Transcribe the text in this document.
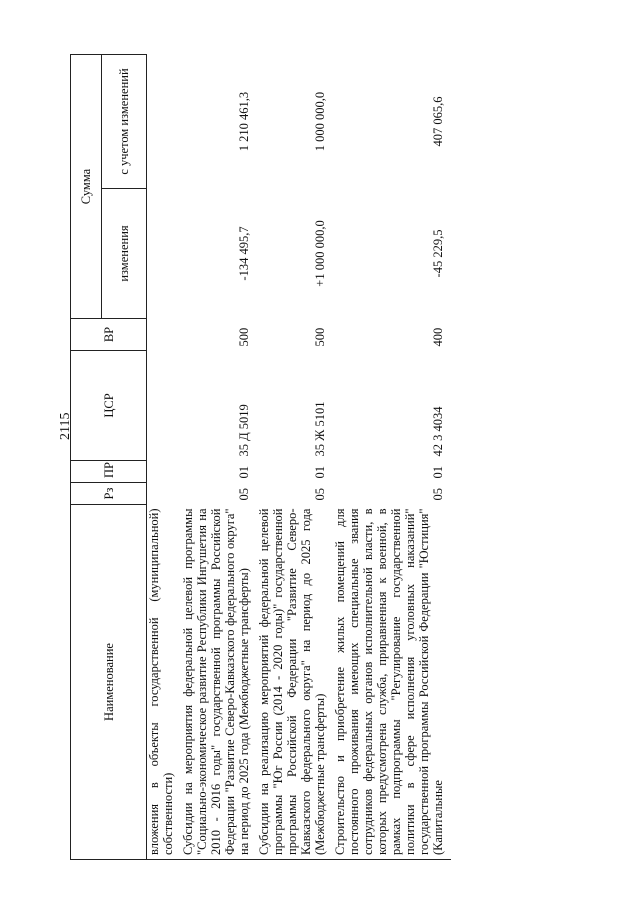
2115
Наименование	Рз	ПР	ЦСР	ВР	Сумма	
					изменения	с учетом изменений
вложения в объекты государственной (муниципальной) собственности)						
Субсидии на мероприятия федеральной целевой программы "Социально-экономическое развитие Республики Ингушетия на 2010 - 2016 годы" государственной программы Российской Федерации "Развитие Северо-Кавказского федерального округа" на период до 2025 года (Межбюджетные трансферты)	05	01	35 Д 5019	500	-134 495,7	1 210 461,3
Субсидии на реализацию мероприятий федеральной целевой программы "Юг России (2014 - 2020 годы)" государственной программы Российской Федерации "Развитие Северо-Кавказского федерального округа" на период до 2025 года (Межбюджетные трансферты)	05	01	35 Ж 5101	500	+1 000 000,0	1 000 000,0
Строительство и приобретение жилых помещений для постоянного проживания имеющих специальные звания сотрудников федеральных органов исполнительной власти, в которых предусмотрена служба, приравненная к военной, в рамках подпрограммы "Регулирование государственной политики в сфере исполнения уголовных наказаний" государственной программы Российской Федерации "Юстиция" (Капитальные	05	01	42 3 4034	400	-45 229,5	407 065,6
